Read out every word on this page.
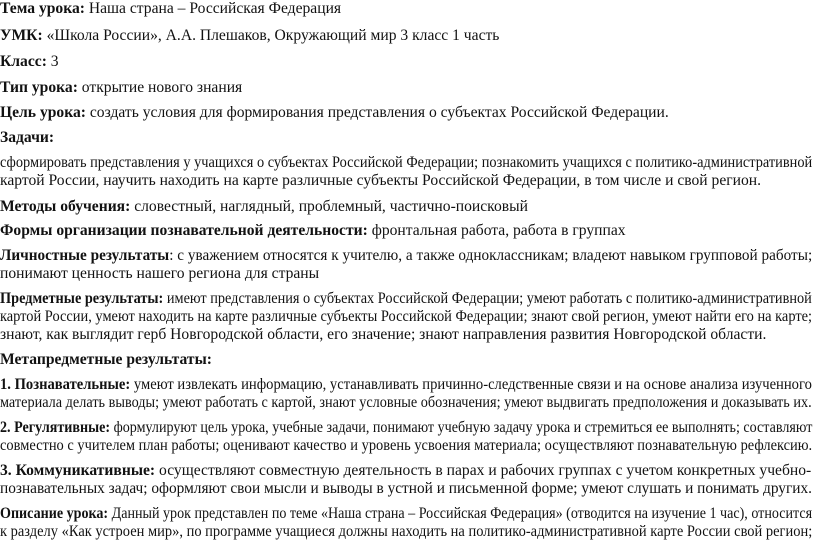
Тема урока: Наша страна – Российская Федерация

УМК: «Школа России», А.А. Плешаков, Окружающий мир 3 класс 1 часть

Класс: 3

Тип урока: открытие нового знания

Цель урока: создать условия для формирования представления о субъектах Российской Федерации.

Задачи:

сформировать представления у учащихся о субъектах Российской Федерации; познакомить учащихся с политико-административной

картой России, научить находить на карте различные субъекты Российской Федерации, в том числе и свой регион.

Методы обучения: словестный, наглядный, проблемный, частично-поисковый

Формы организации познавательной деятельности: фронтальная работа, работа в группах

Личностные результаты: с уважением относятся к учителю, а также одноклассникам; владеют навыком групповой работы;

понимают ценность нашего региона для страны

Предметные результаты: имеют представления о субъектах Российской Федерации; умеют работать с политико-административной

картой России, умеют находить на карте различные субъекты Российской Федерации; знают свой регион, умеют найти его на карте;

знают, как выглядит герб Новгородской области, его значение; знают направления развития Новгородской области.

Метапредметные результаты:

1. Познавательные: умеют извлекать информацию, устанавливать причинно-следственные связи и на основе анализа изученного

материала делать выводы; умеют работать с картой, знают условные обозначения; умеют выдвигать предположения и доказывать их.

2. Регулятивные: формулируют цель урока, учебные задачи, понимают учебную задачу урока и стремиться ее выполнять; составляют

совместно с учителем план работы; оценивают качество и уровень усвоения материала; осуществляют познавательную рефлексию.

3. Коммуникативные: осуществляют совместную деятельность в парах и рабочих группах с учетом конкретных учебно-

познавательных задач; оформляют свои мысли и выводы в устной и письменной форме; умеют слушать и понимать других.

Описание урока: Данный урок представлен по теме «Наша страна – Российская Федерация» (отводится на изучение 1 час), относится

к разделу «Как устроен мир», по программе учащиеся должны находить на политико-административной карте России свой регион;
